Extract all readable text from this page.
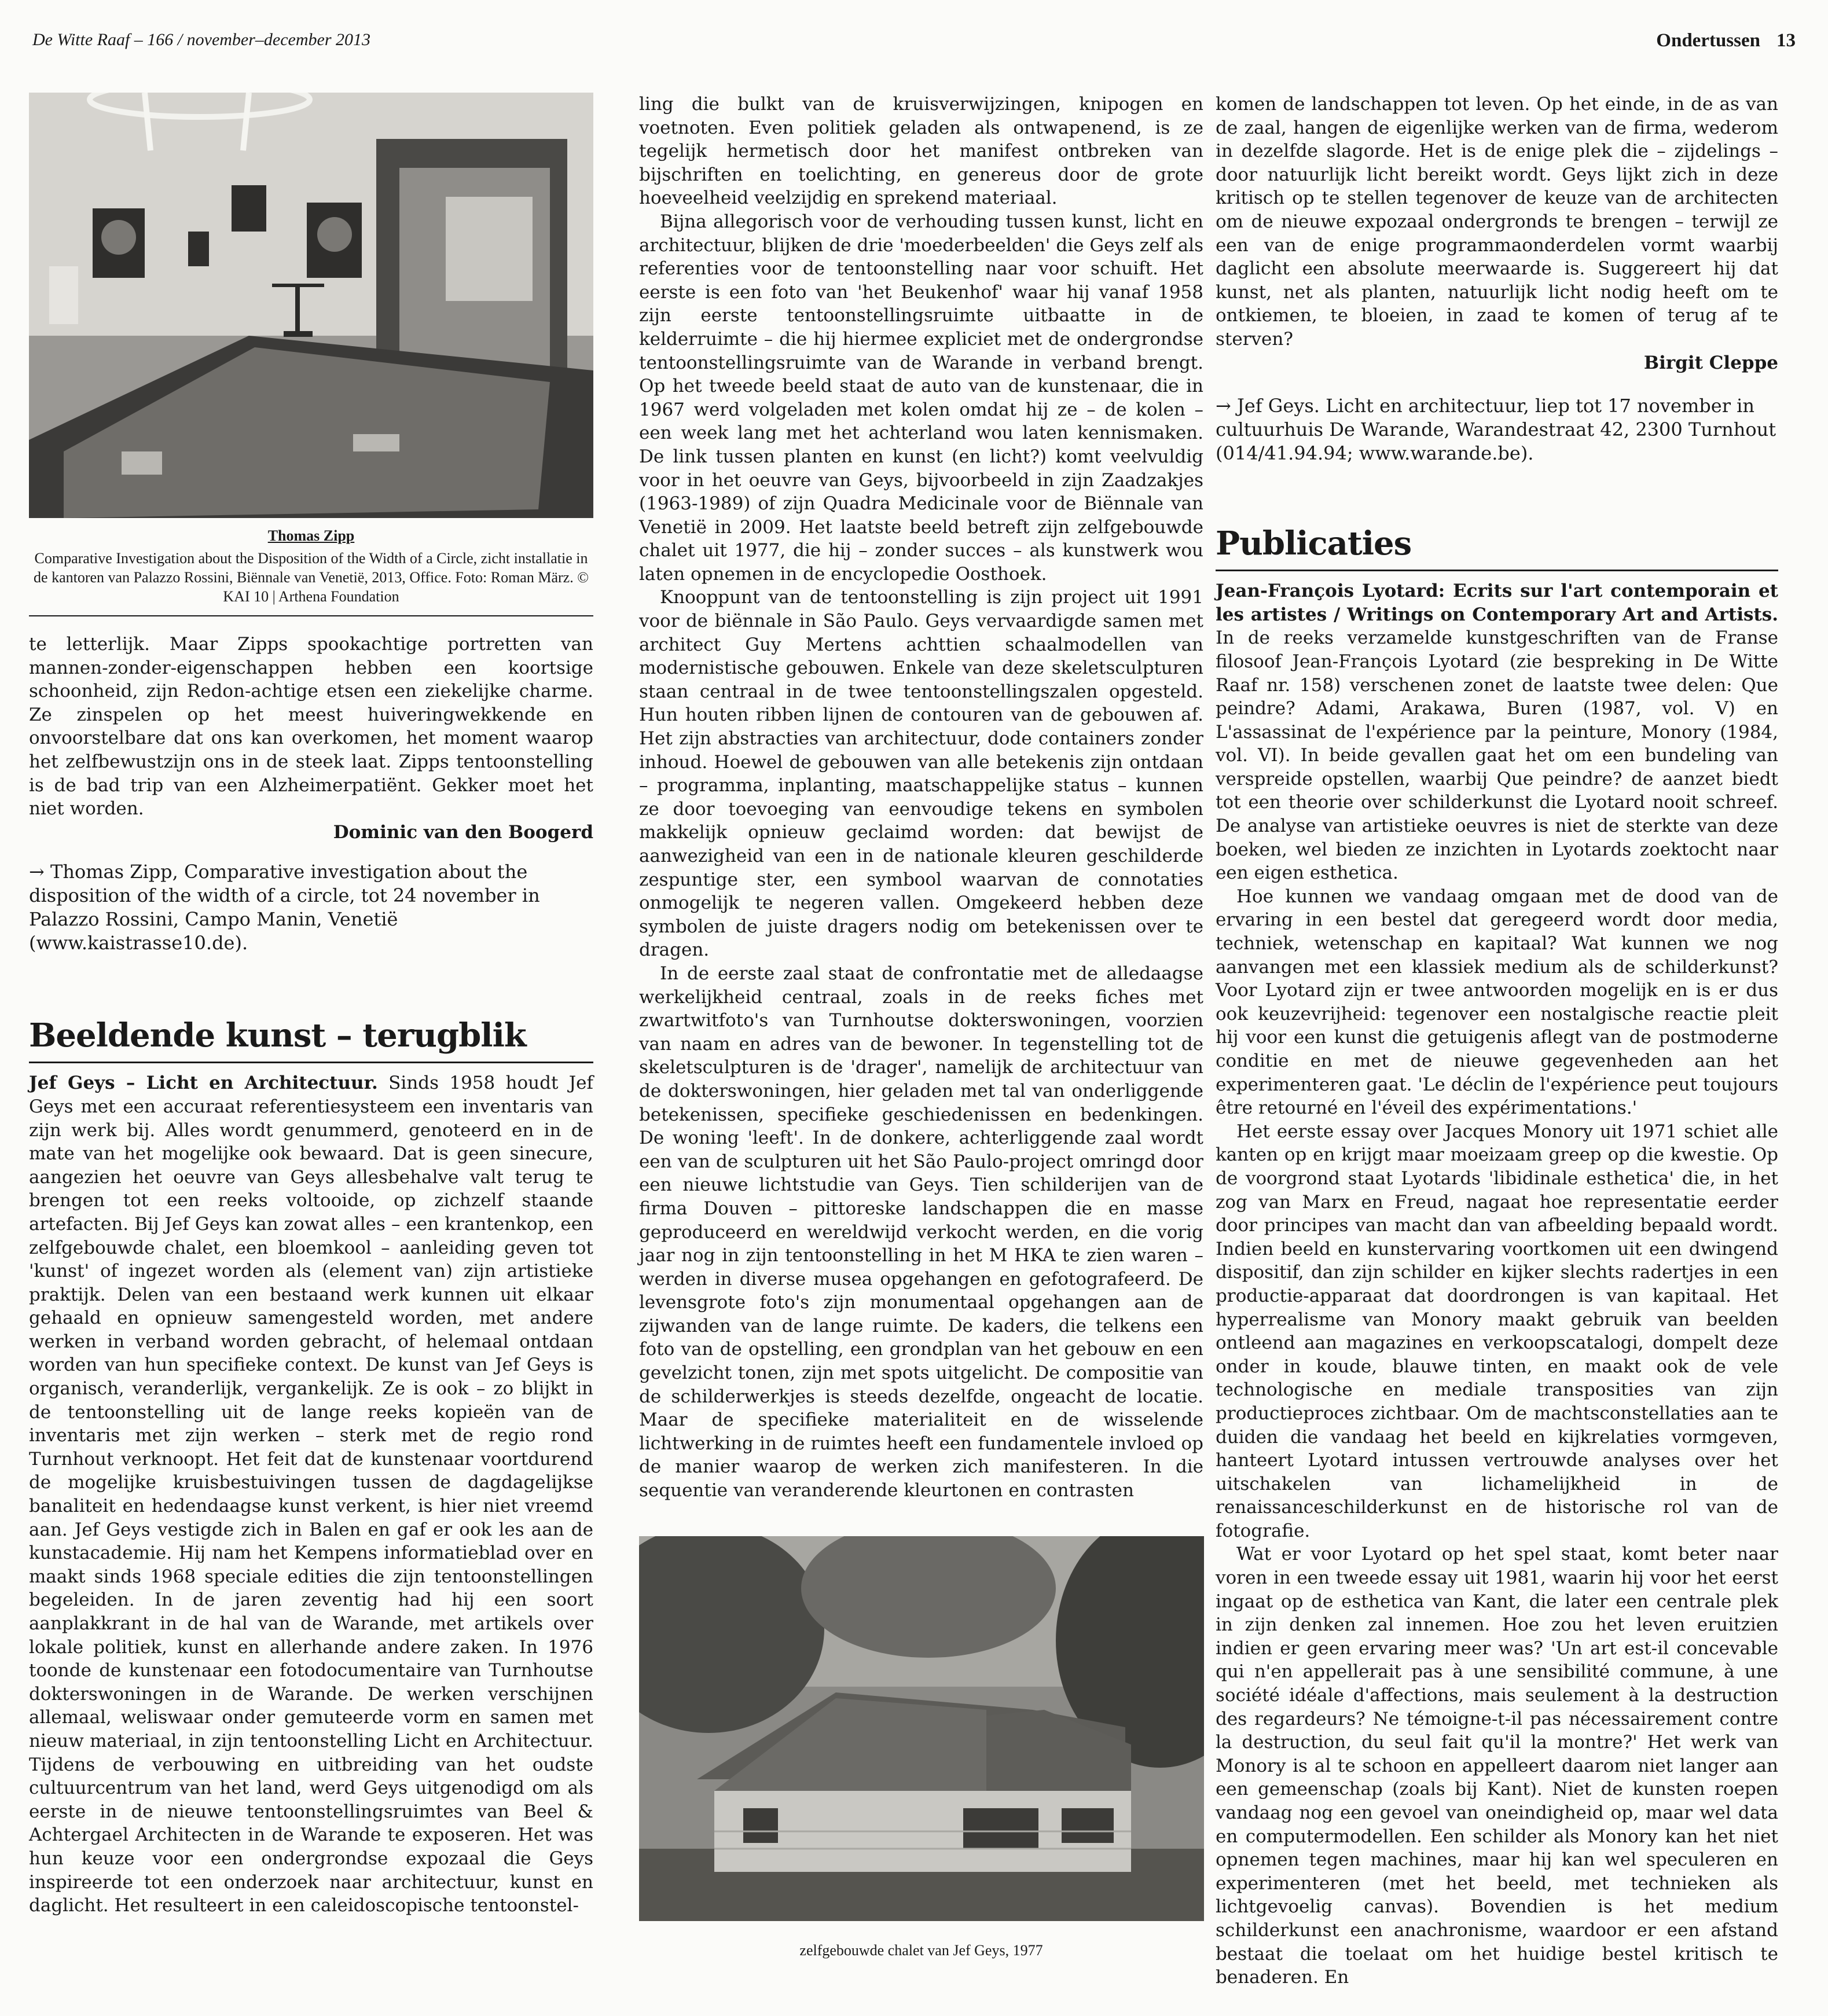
De Witte Raaf – 166 / november–december 2013	Ondertussen 13
Thomas Zipp
Comparative Investigation about the Disposition of the Width of a Circle, zicht installatie in de kantoren van Palazzo Rossini, Biënnale van Venetië, 2013, Office. Foto: Roman März. © KAI 10 | Arthena Foundation

te letterlijk. Maar Zipps spookachtige portretten van mannen-zonder-eigenschappen hebben een koortsige schoonheid, zijn Redon-achtige etsen een ziekelijke charme. Ze zinspelen op het meest huiveringwekkende en onvoorstelbare dat ons kan overkomen, het moment waarop het zelfbewustzijn ons in de steek laat. Zipps tentoonstelling is de bad trip van een Alzheimerpatiënt. Gekker moet het niet worden.

Dominic van den Boogerd

→ Thomas Zipp, Comparative investigation about the disposition of the width of a circle, tot 24 november in Palazzo Rossini, Campo Manin, Venetië (www.kaistrasse10.de).

Beeldende kunst – terugblik

Jef Geys – Licht en Architectuur. Sinds 1958 houdt Jef Geys met een accuraat referentiesysteem een inventaris van zijn werk bij. Alles wordt genummerd, genoteerd en in de mate van het mogelijke ook bewaard. Dat is geen sinecure, aangezien het oeuvre van Geys allesbehalve valt terug te brengen tot een reeks voltooide, op zichzelf staande artefacten. Bij Jef Geys kan zowat alles – een krantenkop, een zelfgebouwde chalet, een bloemkool – aanleiding geven tot 'kunst' of ingezet worden als (element van) zijn artistieke praktijk. Delen van een bestaand werk kunnen uit elkaar gehaald en opnieuw samengesteld worden, met andere werken in verband worden gebracht, of helemaal ontdaan worden van hun specifieke context. De kunst van Jef Geys is organisch, veranderlijk, vergankelijk. Ze is ook – zo blijkt in de tentoonstelling uit de lange reeks kopieën van de inventaris met zijn werken – sterk met de regio rond Turnhout verknoopt. Het feit dat de kunstenaar voortdurend de mogelijke kruisbestuivingen tussen de dagdagelijkse banaliteit en hedendaagse kunst verkent, is hier niet vreemd aan. Jef Geys vestigde zich in Balen en gaf er ook les aan de kunstacademie. Hij nam het Kempens informatieblad over en maakt sinds 1968 speciale edities die zijn tentoonstellingen begeleiden. In de jaren zeventig had hij een soort aanplakkrant in de hal van de Warande, met artikels over lokale politiek, kunst en allerhande andere zaken. In 1976 toonde de kunstenaar een fotodocumentaire van Turnhoutse dokterswoningen in de Warande. De werken verschijnen allemaal, weliswaar onder gemuteerde vorm en samen met nieuw materiaal, in zijn tentoonstelling Licht en Architectuur. Tijdens de verbouwing en uitbreiding van het oudste cultuurcentrum van het land, werd Geys uitgenodigd om als eerste in de nieuwe tentoonstellingsruimtes van Beel & Achtergael Architecten in de Warande te exposeren. Het was hun keuze voor een ondergrondse expozaal die Geys inspireerde tot een onderzoek naar architectuur, kunst en daglicht. Het resulteert in een caleidoscopische tentoonstel-

ling die bulkt van de kruisverwijzingen, knipogen en voetnoten. Even politiek geladen als ontwapenend, is ze tegelijk hermetisch door het manifest ontbreken van bijschriften en toelichting, en genereus door de grote hoeveelheid veelzijdig en sprekend materiaal.

Bijna allegorisch voor de verhouding tussen kunst, licht en architectuur, blijken de drie 'moederbeelden' die Geys zelf als referenties voor de tentoonstelling naar voor schuift. Het eerste is een foto van 'het Beukenhof' waar hij vanaf 1958 zijn eerste tentoonstellingsruimte uitbaatte in de kelderruimte – die hij hiermee expliciet met de ondergrondse tentoonstellingsruimte van de Warande in verband brengt. Op het tweede beeld staat de auto van de kunstenaar, die in 1967 werd volgeladen met kolen omdat hij ze – de kolen – een week lang met het achterland wou laten kennismaken. De link tussen planten en kunst (en licht?) komt veelvuldig voor in het oeuvre van Geys, bijvoorbeeld in zijn Zaadzakjes (1963-1989) of zijn Quadra Medicinale voor de Biënnale van Venetië in 2009. Het laatste beeld betreft zijn zelfgebouwde chalet uit 1977, die hij – zonder succes – als kunstwerk wou laten opnemen in de encyclopedie Oosthoek.

Knooppunt van de tentoonstelling is zijn project uit 1991 voor de biënnale in São Paulo. Geys vervaardigde samen met architect Guy Mertens achttien schaalmodellen van modernistische gebouwen. Enkele van deze skeletsculpturen staan centraal in de twee tentoonstellingszalen opgesteld. Hun houten ribben lijnen de contouren van de gebouwen af. Het zijn abstracties van architectuur, dode containers zonder inhoud. Hoewel de gebouwen van alle betekenis zijn ontdaan – programma, inplanting, maatschappelijke status – kunnen ze door toevoeging van eenvoudige tekens en symbolen makkelijk opnieuw geclaimd worden: dat bewijst de aanwezigheid van een in de nationale kleuren geschilderde zespuntige ster, een symbool waarvan de connotaties onmogelijk te negeren vallen. Omgekeerd hebben deze symbolen de juiste dragers nodig om betekenissen over te dragen.

In de eerste zaal staat de confrontatie met de alledaagse werkelijkheid centraal, zoals in de reeks fiches met zwartwitfoto's van Turnhoutse dokterswoningen, voorzien van naam en adres van de bewoner. In tegenstelling tot de skeletsculpturen is de 'drager', namelijk de architectuur van de dokterswoningen, hier geladen met tal van onderliggende betekenissen, specifieke geschiedenissen en bedenkingen. De woning 'leeft'. In de donkere, achterliggende zaal wordt een van de sculpturen uit het São Paulo-project omringd door een nieuwe lichtstudie van Geys. Tien schilderijen van de firma Douven – pittoreske landschappen die en masse geproduceerd en wereldwijd verkocht werden, en die vorig jaar nog in zijn tentoonstelling in het M HKA te zien waren – werden in diverse musea opgehangen en gefotografeerd. De levensgrote foto's zijn monumentaal opgehangen aan de zijwanden van de lange ruimte. De kaders, die telkens een foto van de opstelling, een grondplan van het gebouw en een gevelzicht tonen, zijn met spots uitgelicht. De compositie van de schilderwerkjes is steeds dezelfde, ongeacht de locatie. Maar de specifieke materialiteit en de wisselende lichtwerking in de ruimtes heeft een fundamentele invloed op de manier waarop de werken zich manifesteren. In die sequentie van veranderende kleurtonen en contrasten

zelfgebouwde chalet van Jef Geys, 1977

komen de landschappen tot leven. Op het einde, in de as van de zaal, hangen de eigenlijke werken van de firma, wederom in dezelfde slagorde. Het is de enige plek die – zijdelings – door natuurlijk licht bereikt wordt. Geys lijkt zich in deze kritisch op te stellen tegenover de keuze van de architecten om de nieuwe expozaal ondergronds te brengen – terwijl ze een van de enige programmaonderdelen vormt waarbij daglicht een absolute meerwaarde is. Suggereert hij dat kunst, net als planten, natuurlijk licht nodig heeft om te ontkiemen, te bloeien, in zaad te komen of terug af te sterven?

Birgit Cleppe

→ Jef Geys. Licht en architectuur, liep tot 17 november in cultuurhuis De Warande, Warandestraat 42, 2300 Turnhout (014/41.94.94; www.warande.be).

Publicaties

Jean-François Lyotard: Ecrits sur l'art contemporain et les artistes / Writings on Contemporary Art and Artists. In de reeks verzamelde kunstgeschriften van de Franse filosoof Jean-François Lyotard (zie bespreking in De Witte Raaf nr. 158) verschenen zonet de laatste twee delen: Que peindre? Adami, Arakawa, Buren (1987, vol. V) en L'assassinat de l'expérience par la peinture, Monory (1984, vol. VI). In beide gevallen gaat het om een bundeling van verspreide opstellen, waarbij Que peindre? de aanzet biedt tot een theorie over schilderkunst die Lyotard nooit schreef. De analyse van artistieke oeuvres is niet de sterkte van deze boeken, wel bieden ze inzichten in Lyotards zoektocht naar een eigen esthetica.

Hoe kunnen we vandaag omgaan met de dood van de ervaring in een bestel dat geregeerd wordt door media, techniek, wetenschap en kapitaal? Wat kunnen we nog aanvangen met een klassiek medium als de schilderkunst? Voor Lyotard zijn er twee antwoorden mogelijk en is er dus ook keuzevrijheid: tegenover een nostalgische reactie pleit hij voor een kunst die getuigenis aflegt van de postmoderne conditie en met de nieuwe gegevenheden aan het experimenteren gaat. 'Le déclin de l'expérience peut toujours être retourné en l'éveil des expérimentations.'

Het eerste essay over Jacques Monory uit 1971 schiet alle kanten op en krijgt maar moeizaam greep op die kwestie. Op de voorgrond staat Lyotards 'libidinale esthetica' die, in het zog van Marx en Freud, nagaat hoe representatie eerder door principes van macht dan van afbeelding bepaald wordt. Indien beeld en kunstervaring voortkomen uit een dwingend dispositif, dan zijn schilder en kijker slechts radertjes in een productie-apparaat dat doordrongen is van kapitaal. Het hyperrealisme van Monory maakt gebruik van beelden ontleend aan magazines en verkoopscatalogi, dompelt deze onder in koude, blauwe tinten, en maakt ook de vele technologische en mediale transposities van zijn productieproces zichtbaar. Om de machtsconstellaties aan te duiden die vandaag het beeld en kijkrelaties vormgeven, hanteert Lyotard intussen vertrouwde analyses over het uitschakelen van lichamelijkheid in de renaissanceschilderkunst en de historische rol van de fotografie.

Wat er voor Lyotard op het spel staat, komt beter naar voren in een tweede essay uit 1981, waarin hij voor het eerst ingaat op de esthetica van Kant, die later een centrale plek in zijn denken zal innemen. Hoe zou het leven eruitzien indien er geen ervaring meer was? 'Un art est-il concevable qui n'en appellerait pas à une sensibilité commune, à une société idéale d'affections, mais seulement à la destruction des regardeurs? Ne témoigne-t-il pas nécessairement contre la destruction, du seul fait qu'il la montre?' Het werk van Monory is al te schoon en appelleert daarom niet langer aan een gemeenschap (zoals bij Kant). Niet de kunsten roepen vandaag nog een gevoel van oneindigheid op, maar wel data en computermodellen. Een schilder als Monory kan het niet opnemen tegen machines, maar hij kan wel speculeren en experimenteren (met het beeld, met technieken als lichtgevoelig canvas). Bovendien is het medium schilderkunst een anachronisme, waardoor er een afstand bestaat die toelaat om het huidige bestel kritisch te benaderen. En
